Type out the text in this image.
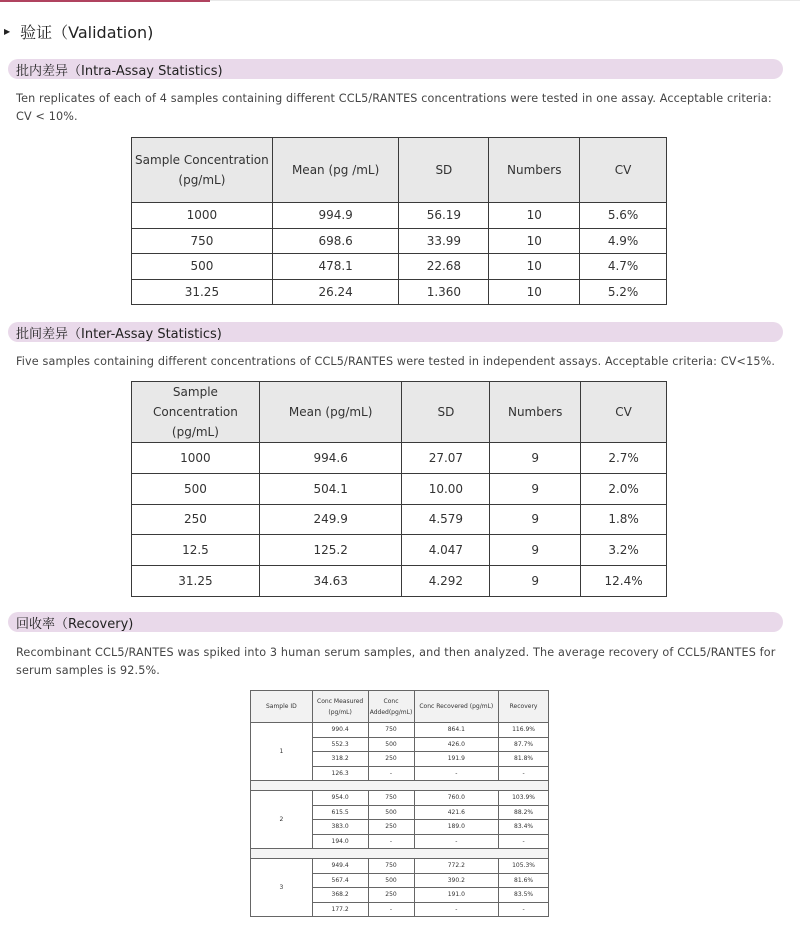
▶ 验证（Validation)
批内差异（Intra-Assay Statistics)

Ten replicates of each of 4 samples containing different CCL5/RANTES concentrations were tested in one assay. Acceptable criteria: CV < 10%.

Sample Concentration (pg/mL)	Mean (pg /mL)	SD	Numbers	CV
1000	994.9	56.19	10	5.6%
750	698.6	33.99	10	4.9%
500	478.1	22.68	10	4.7%
31.25	26.24	1.360	10	5.2%
批间差异（Inter-Assay Statistics)

Five samples containing different concentrations of CCL5/RANTES were tested in independent assays. Acceptable criteria: CV<15%.

Sample Concentration (pg/mL)	Mean (pg/mL)	SD	Numbers	CV
1000	994.6	27.07	9	2.7%
500	504.1	10.00	9	2.0%
250	249.9	4.579	9	1.8%
12.5	125.2	4.047	9	3.2%
31.25	34.63	4.292	9	12.4%
回收率（Recovery)

Recombinant CCL5/RANTES was spiked into 3 human serum samples, and then analyzed. The average recovery of CCL5/RANTES for serum samples is 92.5%.

Sample ID	Conc Measured (pg/mL)	Conc Added(pg/mL)	Conc Recovered (pg/mL)	Recovery
1	990.4	750	864.1	116.9%
	552.3	500	426.0	87.7%
	318.2	250	191.9	81.8%
	126.3	-	-	-

2	954.0	750	760.0	103.9%
	615.5	500	421.6	88.2%
	383.0	250	189.0	83.4%
	194.0	-	-	-

3	949.4	750	772.2	105.3%
	567.4	500	390.2	81.6%
	368.2	250	191.0	83.5%
	177.2	-	-	-
